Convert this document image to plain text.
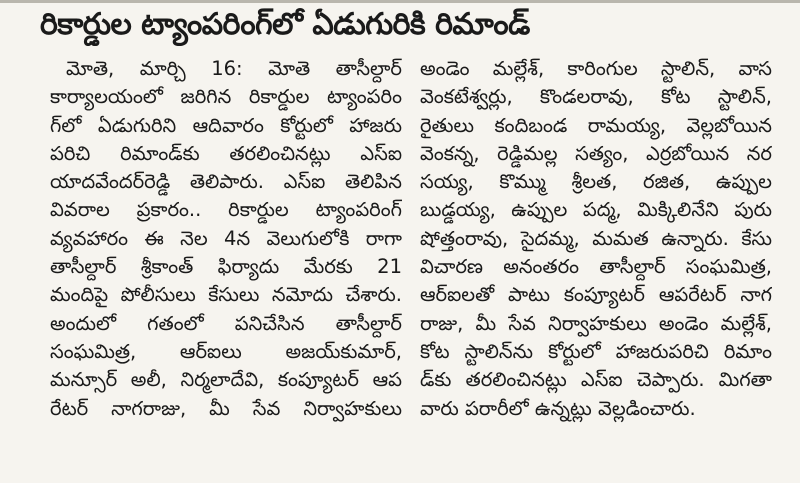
రికార్డుల ట్యాంపరింగ్‌లో ఏడుగురికి రిమాండ్
మోతె, మార్చి 16: మోతె తాసీల్దార్
కార్యాలయంలో జరిగిన రికార్డుల ట్యాంపరిం
గ్‌లో ఏడుగురిని ఆదివారం కోర్టులో హాజరు
పరిచి రిమాండ్‌కు తరలించినట్లు ఎస్‌ఐ
యాదవేందర్‌రెడ్డి తెలిపారు. ఎస్‌ఐ తెలిపిన
వివరాల ప్రకారం.. రికార్డుల ట్యాంపరింగ్
వ్యవహారం ఈ నెల 4న వెలుగులోకి రాగా
తాసీల్దార్ శ్రీకాంత్ ఫిర్యాదు మేరకు 21
మందిపై పోలీసులు కేసులు నమోదు చేశారు.
అందులో గతంలో పనిచేసిన తాసీల్దార్
సంఘమిత్ర, ఆర్ఐలు అజయ్‌కుమార్,
మన్సూర్ అలీ, నిర్మలాదేవి, కంప్యూటర్ ఆప
రేటర్ నాగరాజు, మీ సేవ నిర్వాహకులు
అండెం మల్లేశ్, కారింగుల స్టాలిన్, వాస
వెంకటేశ్వర్లు, కొండలరావు, కోట స్టాలిన్,
రైతులు కందిబండ రామయ్య, వెల్లబోయిన
వెంకన్న, రెడ్డిమల్ల సత్యం, ఎర్రబోయిన నర
సయ్య, కొమ్ము శ్రీలత, రజిత, ఉప్పుల
బుడ్డయ్య, ఉప్పుల పద్మ, మిక్కిలినేని పురు
షోత్తంరావు, సైదమ్మ, మమత ఉన్నారు. కేసు
విచారణ అనంతరం తాసీల్దార్ సంఘమిత్ర,
ఆర్ఐలతో పాటు కంప్యూటర్ ఆపరేటర్ నాగ
రాజు, మీ సేవ నిర్వాహకులు అండెం మల్లేశ్,
కోట స్టాలిన్‌ను కోర్టులో హాజరుపరిచి రిమాం
డ్‌కు తరలించినట్లు ఎస్‌ఐ చెప్పారు. మిగతా
వారు పరారీలో ఉన్నట్లు వెల్లడించారు.
